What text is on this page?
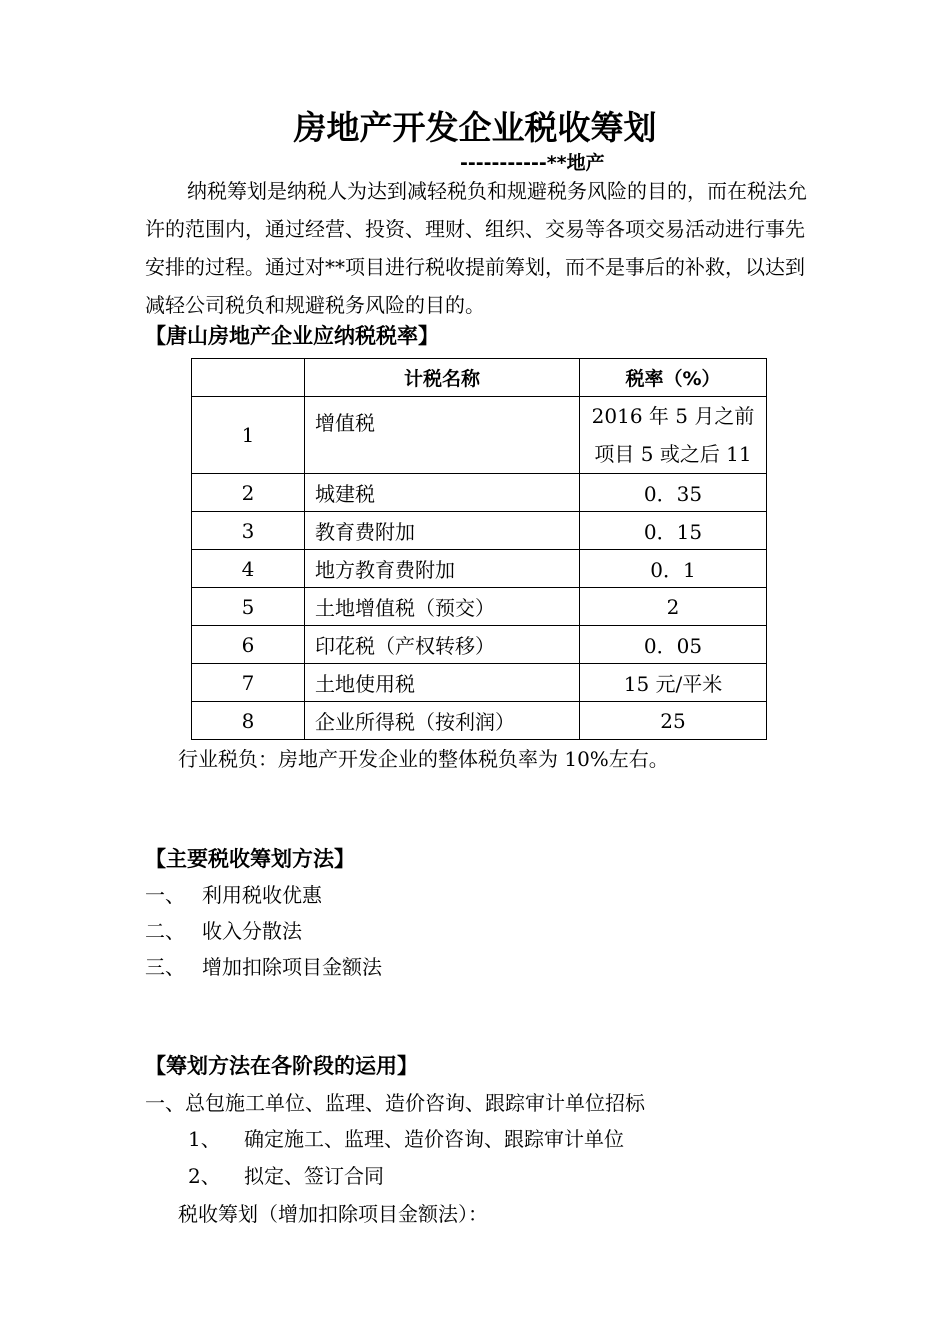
房地产开发企业税收筹划
-----------**地产
纳税筹划是纳税人为达到减轻税负和规避税务风险的目的，而在税法允许的范围内，通过经营、投资、理财、组织、交易等各项交易活动进行事先安排的过程。通过对**项目进行税收提前筹划，而不是事后的补救，以达到减轻公司税负和规避税务风险的目的。
【唐山房地产企业应纳税税率】
	计税名称	税率（%）
1	增值税	2016 年 5 月之前
项目 5 或之后 11

2	城建税	0．35
3	教育费附加	0．15
4	地方教育费附加	0．1
5	土地增值税（预交）	2
6	印花税（产权转移）	0．05
7	土地使用税	15 元/平米
8	企业所得税（按利润）	25
行业税负：房地产开发企业的整体税负率为 10%左右。
【主要税收筹划方法】
一、 利用税收优惠
二、 收入分散法
三、 增加扣除项目金额法
【筹划方法在各阶段的运用】
一、总包施工单位、监理、造价咨询、跟踪审计单位招标
1、 确定施工、监理、造价咨询、跟踪审计单位
2、 拟定、签订合同
税收筹划（增加扣除项目金额法）：
